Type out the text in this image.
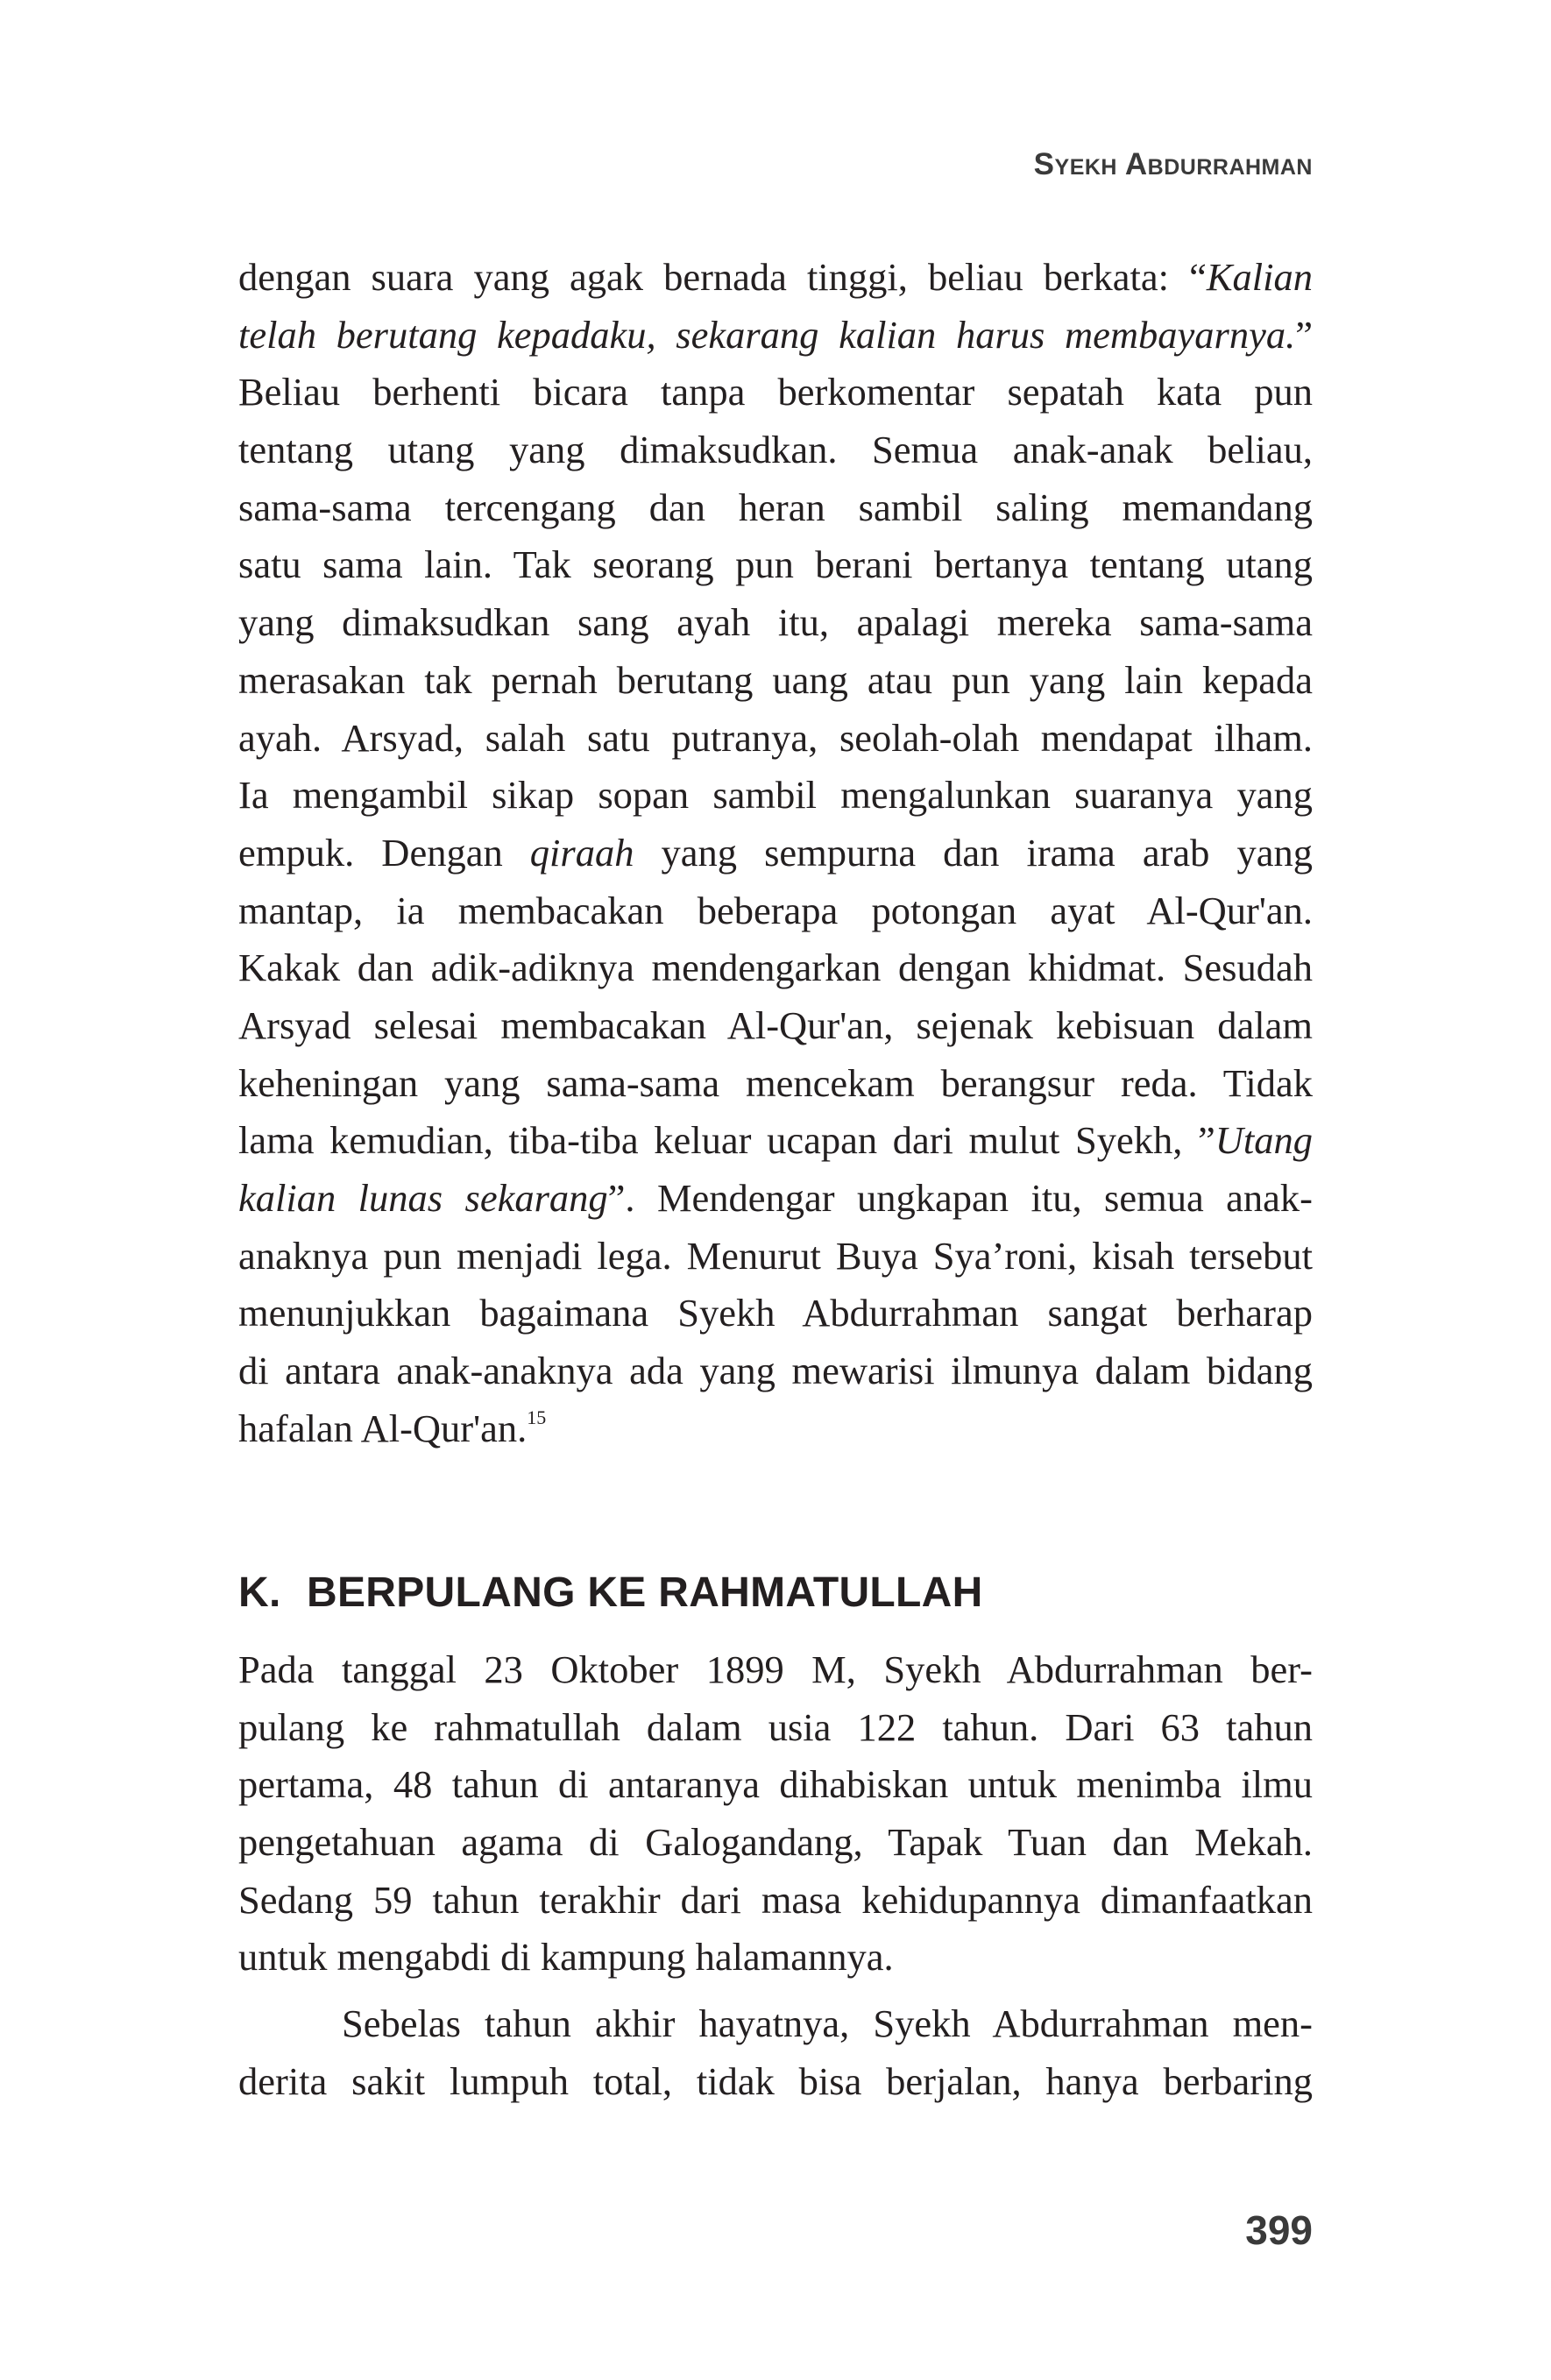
Syekh Abdurrahman
dengan suara yang agak bernada tinggi, beliau berkata: “Kalian
telah berutang kepadaku, sekarang kalian harus membayarnya.”
Beliau berhenti bicara tanpa berkomentar sepatah kata pun
tentang utang yang dimaksudkan. Semua anak-anak beliau,
sama-sama tercengang dan heran sambil saling memandang
satu sama lain. Tak seorang pun berani bertanya tentang utang
yang dimaksudkan sang ayah itu, apalagi mereka sama-sama
merasakan tak pernah berutang uang atau pun yang lain kepada
ayah. Arsyad, salah satu putranya, seolah-olah mendapat ilham.
Ia mengambil sikap sopan sambil mengalunkan suaranya yang
empuk. Dengan qiraah yang sempurna dan irama arab yang
mantap, ia membacakan beberapa potongan ayat Al-Qur'an.
Kakak dan adik-adiknya mendengarkan dengan khidmat. Sesudah
Arsyad selesai membacakan Al-Qur'an, sejenak kebisuan dalam
keheningan yang sama-sama mencekam berangsur reda. Tidak
lama kemudian, tiba-tiba keluar ucapan dari mulut Syekh, ”Utang
kalian lunas sekarang”. Mendengar ungkapan itu, semua anak-
anaknya pun menjadi lega. Menurut Buya Sya’roni, kisah tersebut
menunjukkan bagaimana Syekh Abdurrahman sangat berharap
di antara anak-anaknya ada yang mewarisi ilmunya dalam bidang
hafalan Al-Qur'an.$^{15}$
K. BERPULANG KE RAHMATULLAH
Pada tanggal 23 Oktober 1899 M, Syekh Abdurrahman ber-
pulang ke rahmatullah dalam usia 122 tahun. Dari 63 tahun
pertama, 48 tahun di antaranya dihabiskan untuk menimba ilmu
pengetahuan agama di Galogandang, Tapak Tuan dan Mekah.
Sedang 59 tahun terakhir dari masa kehidupannya dimanfaatkan
untuk mengabdi di kampung halamannya.
Sebelas tahun akhir hayatnya, Syekh Abdurrahman men-
derita sakit lumpuh total, tidak bisa berjalan, hanya berbaring
399
